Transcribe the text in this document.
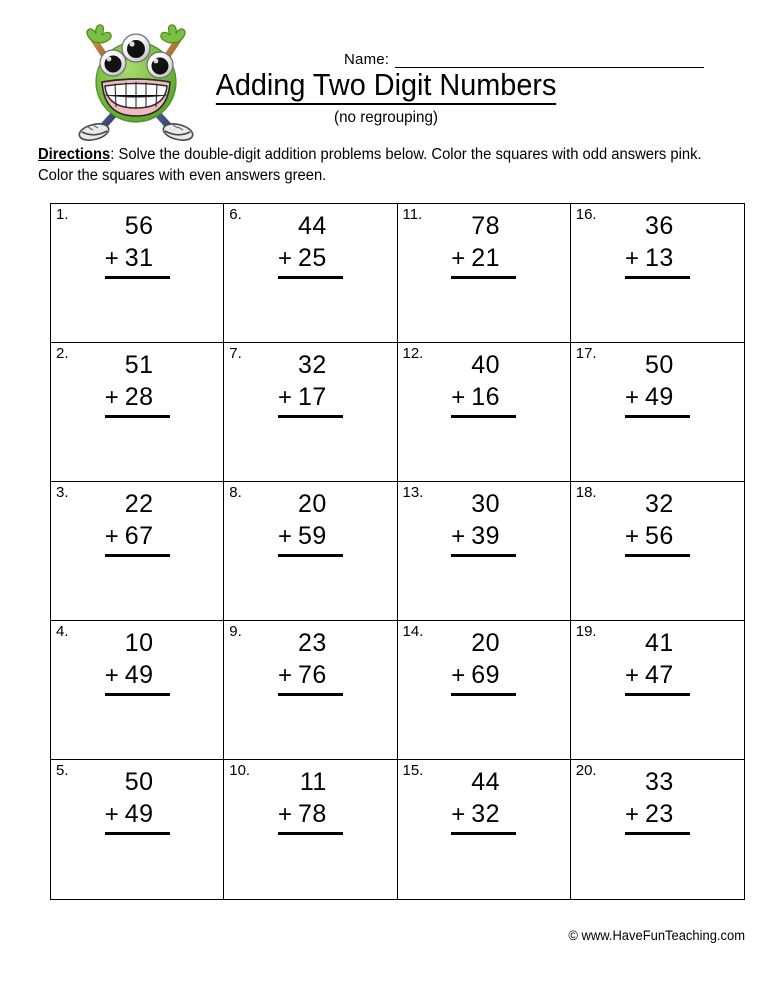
Name:
Adding Two Digit Numbers
(no regrouping)
Directions: Solve the double-digit addition problems below. Color the squares with odd answers pink. Color the squares with even answers green.
1.	56
+ 31
6.	44
+ 25
11.	78
+ 21
16.	36
+ 13
2.	51
+ 28
7.	32
+ 17
12.	40
+ 16
17.	50
+ 49
3.	22
+ 67
8.	20
+ 59
13.	30
+ 39
18.	32
+ 56
4.	10
+ 49
9.	23
+ 76
14.	20
+ 69
19.	41
+ 47
5.	50
+ 49
10.	11
+ 78
15.	44
+ 32
20.	33
+ 23
© www.HaveFunTeaching.com
